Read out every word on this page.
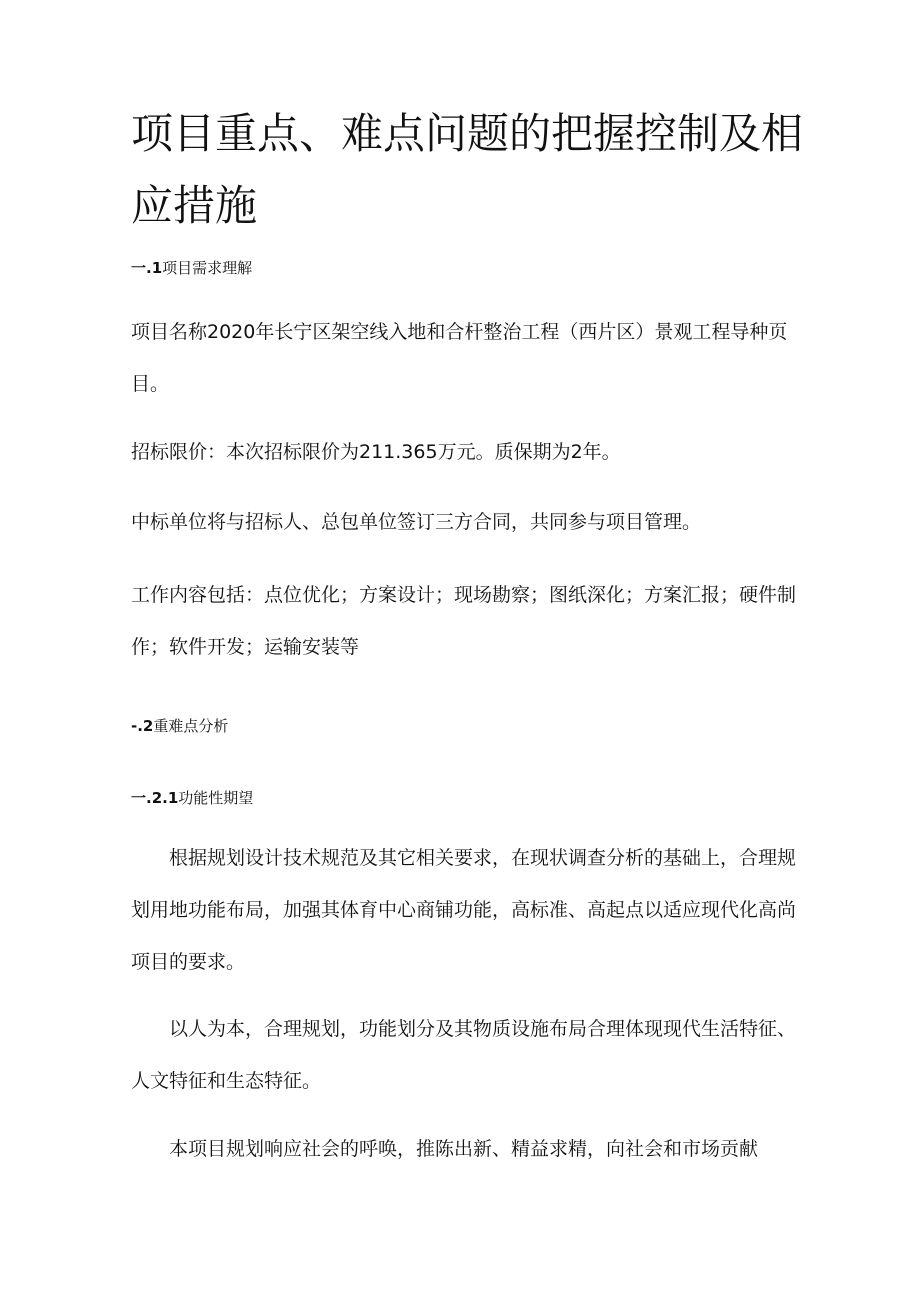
项目重点、难点问题的把握控制及相应措施

一.1项目需求理解

项目名称2020年长宁区架空线入地和合杆整治工程（西片区）景观工程导种页目。

招标限价：本次招标限价为211.365万元。质保期为2年。

中标单位将与招标人、总包单位签订三方合同，共同参与项目管理。

工作内容包括：点位优化；方案设计；现场勘察；图纸深化；方案汇报；硬件制作；软件开发；运输安装等

-.2重难点分析

一.2.1功能性期望

根据规划设计技术规范及其它相关要求，在现状调查分析的基础上，合理规划用地功能布局，加强其体育中心商铺功能，高标准、高起点以适应现代化高尚项目的要求。

以人为本，合理规划，功能划分及其物质设施布局合理体现现代生活特征、人文特征和生态特征。

本项目规划响应社会的呼唤，推陈出新、精益求精，向社会和市场贡献
